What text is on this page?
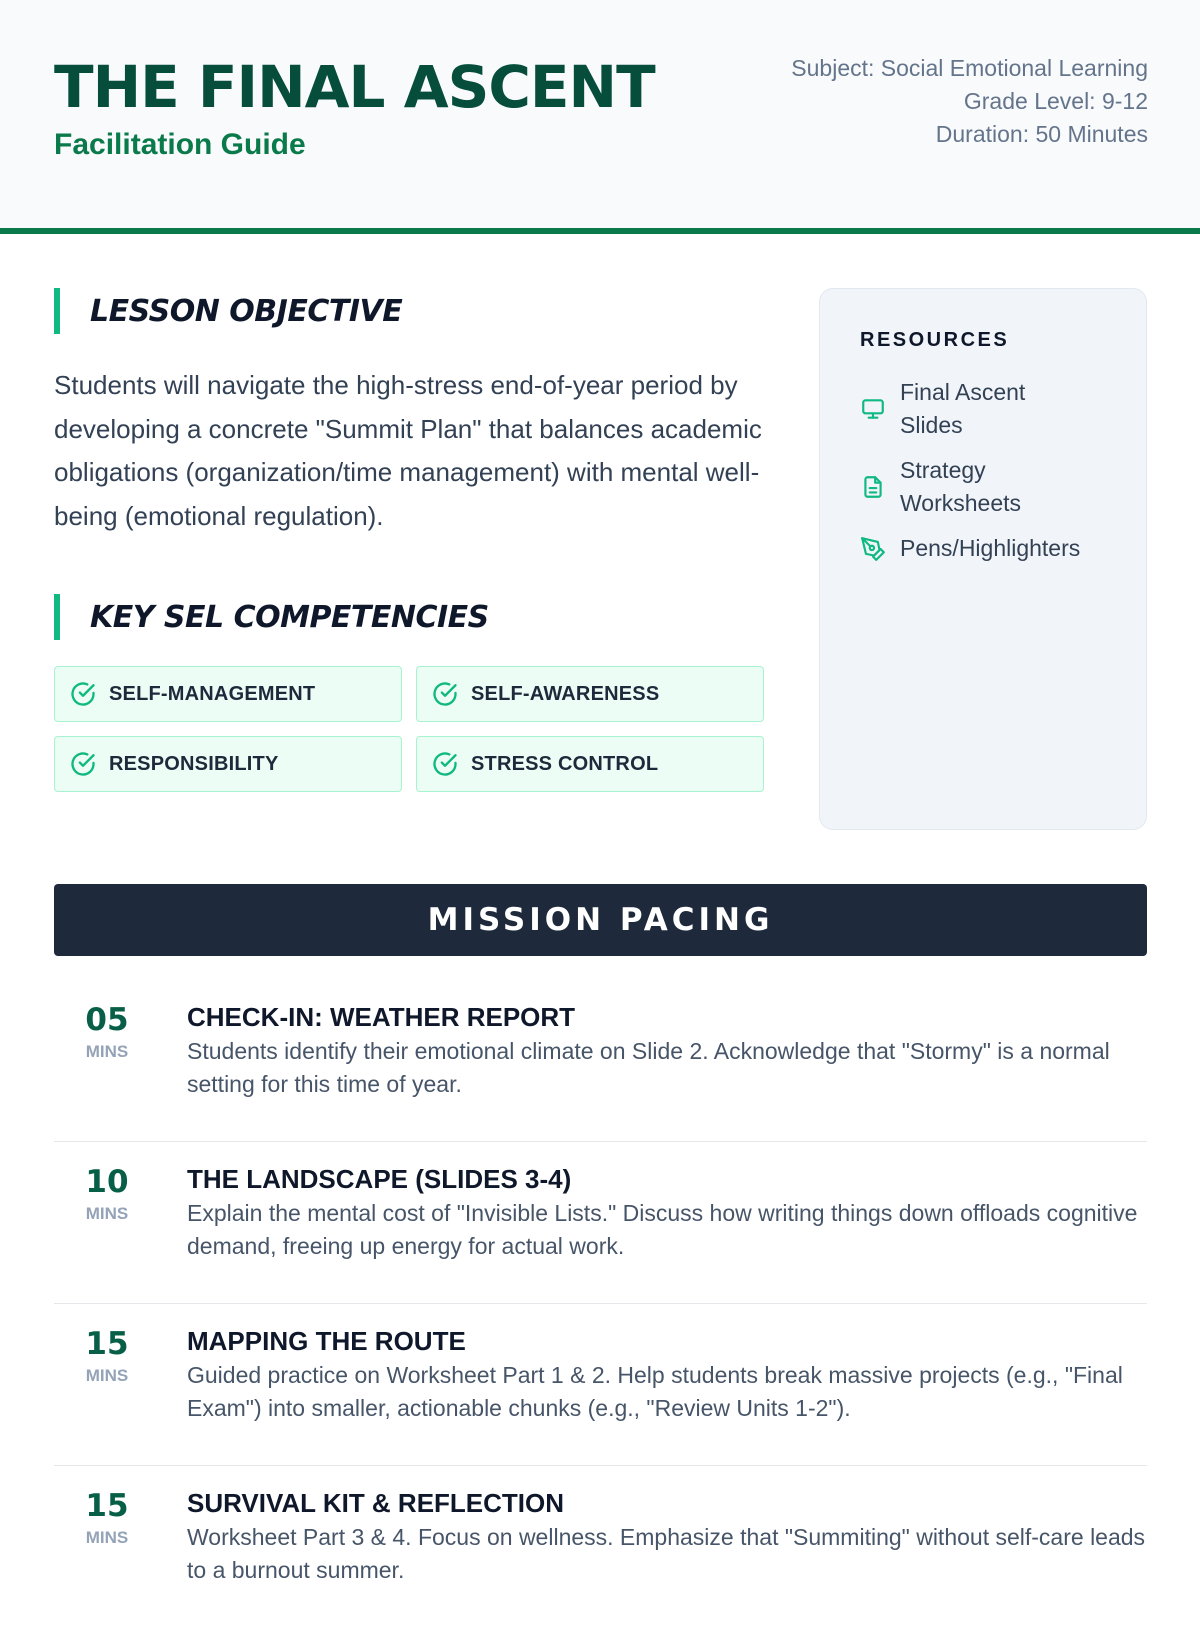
THE FINAL ASCENT
Facilitation Guide
Subject: Social Emotional Learning
Grade Level: 9-12
Duration: 50 Minutes
LESSON OBJECTIVE
Students will navigate the high-stress end-of-year period by developing a concrete "Summit Plan" that balances academic obligations (organization/time management) with mental well-being (emotional regulation).
KEY SEL COMPETENCIES
SELF-MANAGEMENT	SELF-AWARENESS
RESPONSIBILITY	STRESS CONTROL
RESOURCES
Final Ascent Slides
Strategy Worksheets
Pens/Highlighters
MISSION PACING
05
MINS
CHECK-IN: WEATHER REPORT
Students identify their emotional climate on Slide 2. Acknowledge that "Stormy" is a normal setting for this time of year.
10
MINS
THE LANDSCAPE (SLIDES 3-4)
Explain the mental cost of "Invisible Lists." Discuss how writing things down offloads cognitive demand, freeing up energy for actual work.
15
MINS
MAPPING THE ROUTE
Guided practice on Worksheet Part 1 & 2. Help students break massive projects (e.g., "Final Exam") into smaller, actionable chunks (e.g., "Review Units 1-2").
15
MINS
SURVIVAL KIT & REFLECTION
Worksheet Part 3 & 4. Focus on wellness. Emphasize that "Summiting" without self-care leads to a burnout summer.
